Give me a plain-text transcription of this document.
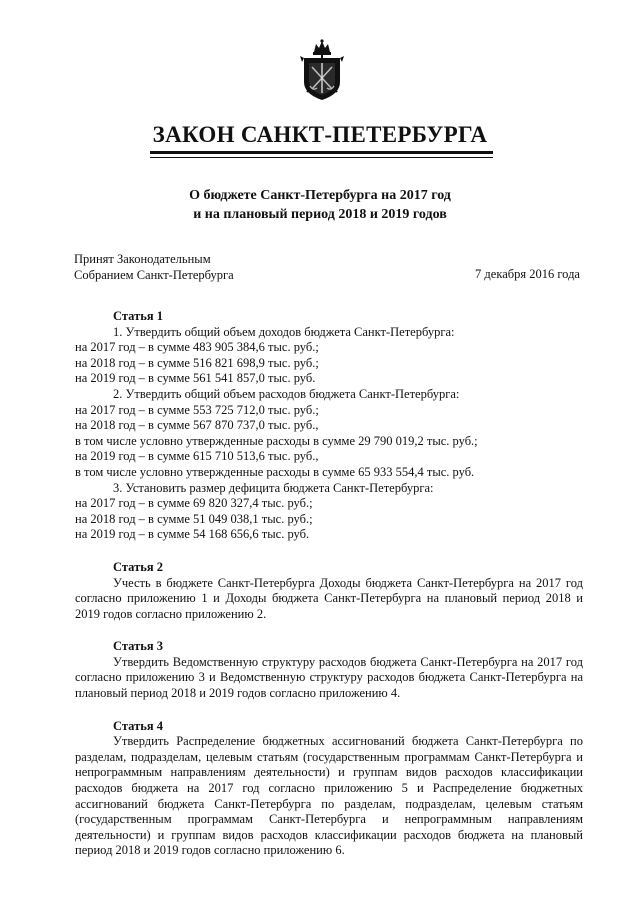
ЗАКОН САНКТ-ПЕТЕРБУРГА
О бюджете Санкт-Петербурга на 2017 год
и на плановый период 2018 и 2019 годов
Принят Законодательным
Собранием Санкт-Петербурга	7 декабря 2016 года
Статья 1
1. Утвердить общий объем доходов бюджета Санкт-Петербурга:
на 2017 год – в сумме 483 905 384,6 тыс. руб.;
на 2018 год – в сумме 516 821 698,9 тыс. руб.;
на 2019 год – в сумме 561 541 857,0 тыс. руб.
2. Утвердить общий объем расходов бюджета Санкт-Петербурга:
на 2017 год – в сумме 553 725 712,0 тыс. руб.;
на 2018 год – в сумме 567 870 737,0 тыс. руб.,
в том числе условно утвержденные расходы в сумме 29 790 019,2 тыс. руб.;
на 2019 год – в сумме 615 710 513,6 тыс. руб.,
в том числе условно утвержденные расходы в сумме 65 933 554,4 тыс. руб.
3. Установить размер дефицита бюджета Санкт-Петербурга:
на 2017 год – в сумме 69 820 327,4 тыс. руб.;
на 2018 год – в сумме 51 049 038,1 тыс. руб.;
на 2019 год – в сумме 54 168 656,6 тыс. руб.
Статья 2

Учесть в бюджете Санкт-Петербурга Доходы бюджета Санкт-Петербурга на 2017 год согласно приложению 1 и Доходы бюджета Санкт-Петербурга на плановый период 2018 и 2019 годов согласно приложению 2.

Статья 3

Утвердить Ведомственную структуру расходов бюджета Санкт-Петербурга на 2017 год согласно приложению 3 и Ведомственную структуру расходов бюджета Санкт-Петербурга на плановый период 2018 и 2019 годов согласно приложению 4.

Статья 4

Утвердить Распределение бюджетных ассигнований бюджета Санкт-Петербурга по разделам, подразделам, целевым статьям (государственным программам Санкт-Петербурга и непрограммным направлениям деятельности) и группам видов расходов классификации расходов бюджета на 2017 год согласно приложению 5 и Распределение бюджетных ассигнований бюджета Санкт-Петербурга по разделам, подразделам, целевым статьям (государственным программам Санкт-Петербурга и непрограммным направлениям деятельности) и группам видов расходов классификации расходов бюджета на плановый период 2018 и 2019 годов согласно приложению 6.
